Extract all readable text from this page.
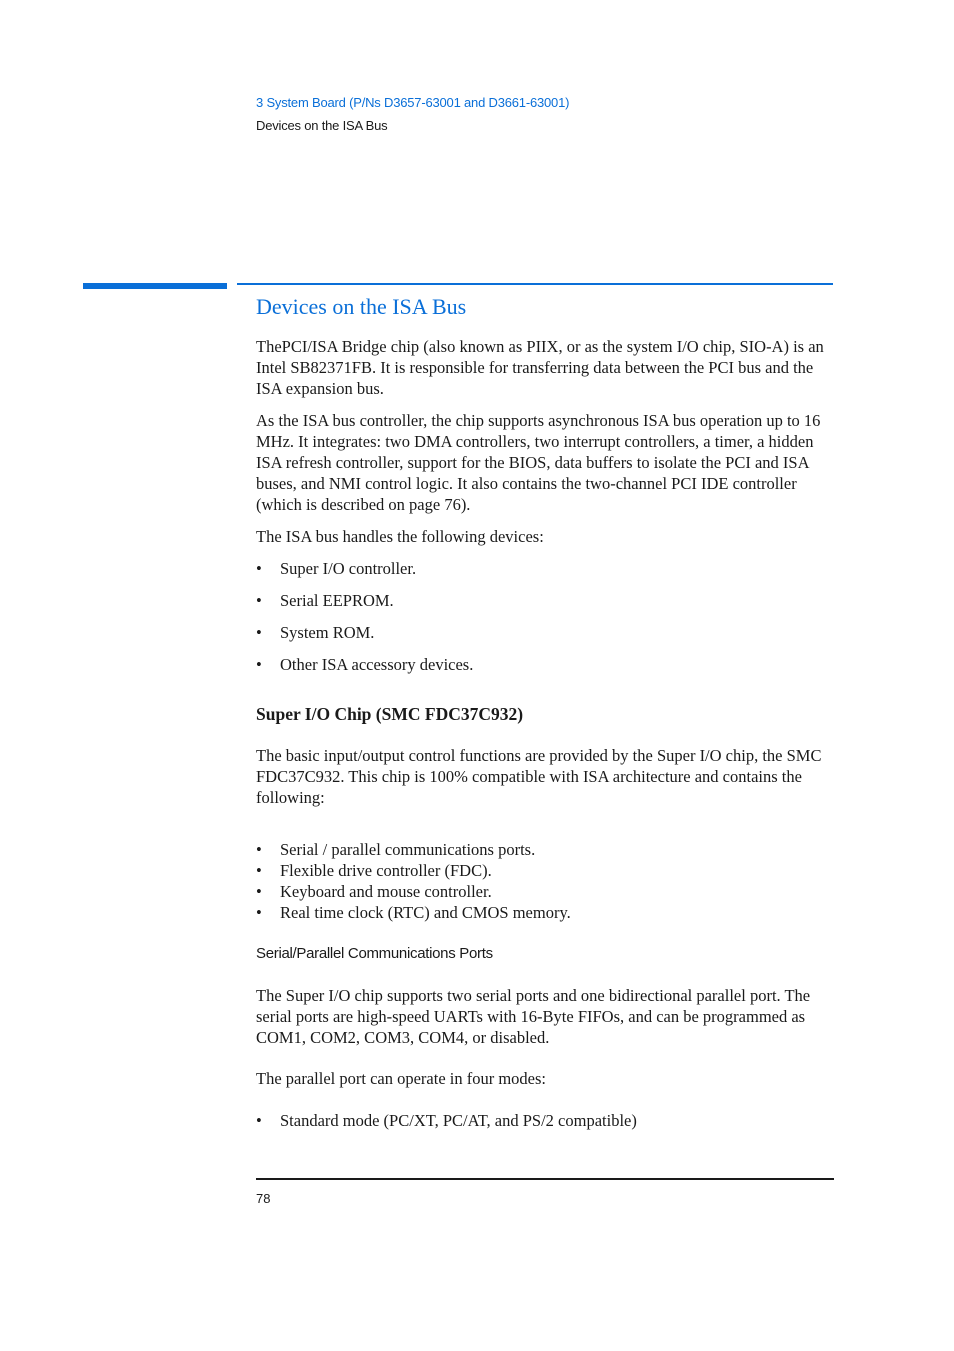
3 System Board (P/Ns D3657-63001 and D3661-63001)
Devices on the ISA Bus
Devices on the ISA Bus

ThePCI/ISA Bridge chip (also known as PIIX, or as the system I/O chip, SIO-A) is an Intel SB82371FB. It is responsible for transferring data between the PCI bus and the ISA expansion bus.

As the ISA bus controller, the chip supports asynchronous ISA bus operation up to 16 MHz. It integrates: two DMA controllers, two interrupt controllers, a timer, a hidden ISA refresh controller, support for the BIOS, data buffers to isolate the PCI and ISA buses, and NMI control logic. It also contains the two-channel PCI IDE controller (which is described on page 76).

The ISA bus handles the following devices:

• Super I/O controller.
• Serial EEPROM.
• System ROM.
• Other ISA accessory devices.
Super I/O Chip (SMC FDC37C932)

The basic input/output control functions are provided by the Super I/O chip, the SMC FDC37C932. This chip is 100% compatible with ISA architecture and contains the following:

• Serial / parallel communications ports.
• Flexible drive controller (FDC).
• Keyboard and mouse controller.
• Real time clock (RTC) and CMOS memory.
Serial/Parallel Communications Ports

The Super I/O chip supports two serial ports and one bidirectional parallel port. The serial ports are high-speed UARTs with 16-Byte FIFOs, and can be programmed as COM1, COM2, COM3, COM4, or disabled.

The parallel port can operate in four modes:

• Standard mode (PC/XT, PC/AT, and PS/2 compatible)
78
